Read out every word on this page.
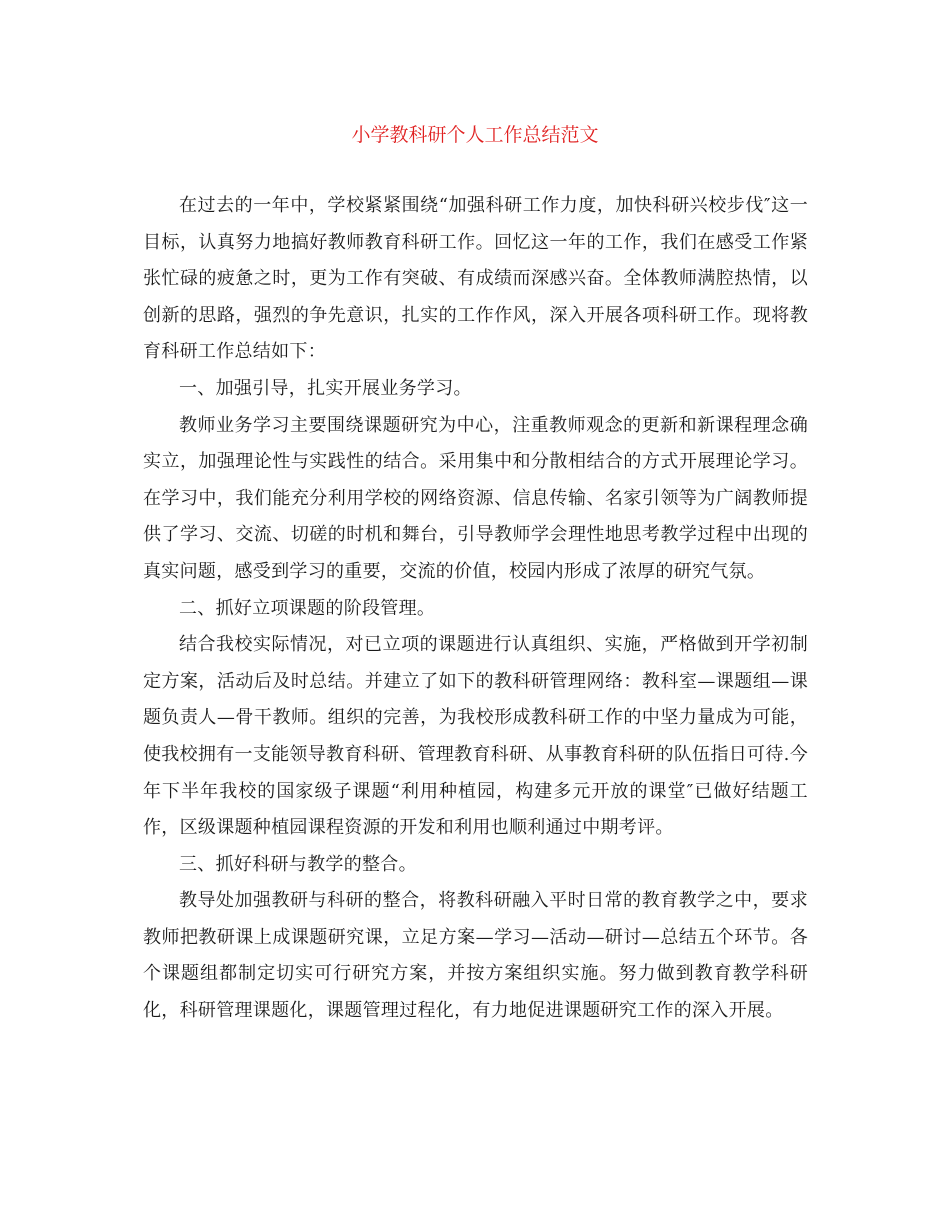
小学教科研个人工作总结范文

在过去的一年中，学校紧紧围绕“加强科研工作力度，加快科研兴校步伐″这一目标，认真努力地搞好教师教育科研工作。回忆这一年的工作，我们在感受工作紧张忙碌的疲惫之时，更为工作有突破、有成绩而深感兴奋。全体教师满腔热情，以创新的思路，强烈的争先意识，扎实的工作作风，深入开展各项科研工作。现将教育科研工作总结如下：

一、加强引导，扎实开展业务学习。

教师业务学习主要围绕课题研究为中心，注重教师观念的更新和新课程理念确实立，加强理论性与实践性的结合。采用集中和分散相结合的方式开展理论学习。在学习中，我们能充分利用学校的网络资源、信息传输、名家引领等为广阔教师提供了学习、交流、切磋的时机和舞台，引导教师学会理性地思考教学过程中出现的真实问题，感受到学习的重要，交流的价值，校园内形成了浓厚的研究气氛。

二、抓好立项课题的阶段管理。

结合我校实际情况，对已立项的课题进行认真组织、实施，严格做到开学初制定方案，活动后及时总结。并建立了如下的教科研管理网络：教科室—课题组—课题负责人—骨干教师。组织的完善，为我校形成教科研工作的中坚力量成为可能，使我校拥有一支能领导教育科研、管理教育科研、从事教育科研的队伍指日可待.今年下半年我校的国家级子课题“利用种植园，构建多元开放的课堂″已做好结题工作，区级课题种植园课程资源的开发和利用也顺利通过中期考评。

三、抓好科研与教学的整合。

教导处加强教研与科研的整合，将教科研融入平时日常的教育教学之中，要求教师把教研课上成课题研究课，立足方案—学习—活动—研讨—总结五个环节。各个课题组都制定切实可行研究方案，并按方案组织实施。努力做到教育教学科研化，科研管理课题化，课题管理过程化，有力地促进课题研究工作的深入开展。
